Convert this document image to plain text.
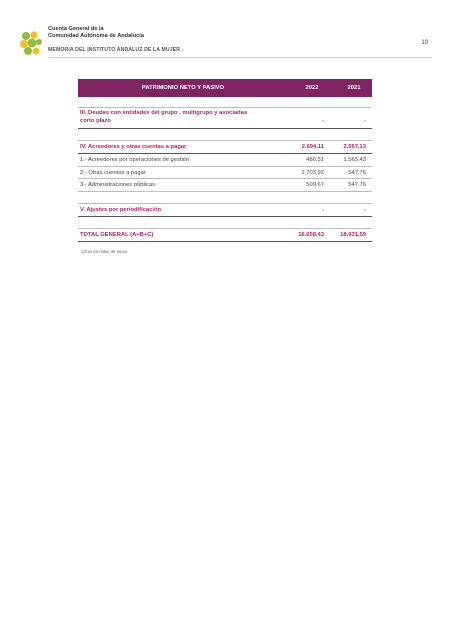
Cuenta General de la
Comunidad Autónoma de Andalucía
MEMORIA DEL INSTITUTO ANDALUZ DE LA MUJER
10
PATRIMONIO NETO Y PASIVO	2022	2021
III. Deudas con entidades del grupo , multigrupo y asociadas
corto plazo	-	-
IV. Acreedores y otras cuentas a pagar	2.694,11	2.567,13
1.- Acreedores por operaciones de gestión	480,51	1.565,43
2.- Otras cuentas a pagar	1.703,92	547,76
3.- Administraciones públicas	509,67	547,76
V. Ajustes por periodificación	-	-
TOTAL GENERAL (A+B+C)	16.658,43	18.931,59
Cifras en miles de euros
